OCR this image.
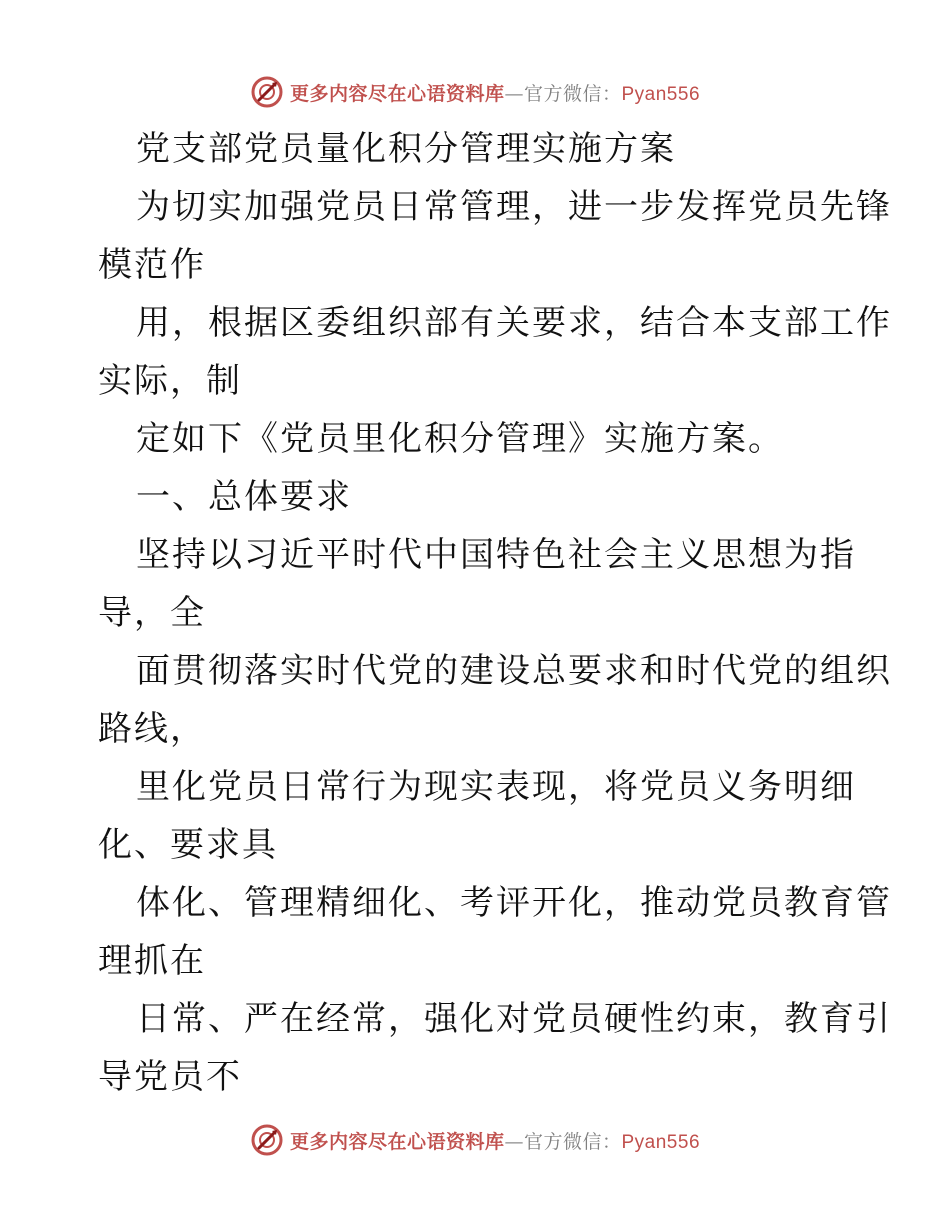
更多内容尽在心语资料库—官方微信：Pyan556
党支部党员量化积分管理实施方案
为切实加强党员日常管理，进一步发挥党员先锋
模范作
用，根据区委组织部有关要求，结合本支部工作
实际，制
定如下《党员里化积分管理》实施方案。
一、总体要求
坚持以习近平时代中国特色社会主义思想为指
导，全
面贯彻落实时代党的建设总要求和时代党的组织
路线，
里化党员日常行为现实表现，将党员义务明细
化、要求具
体化、管理精细化、考评开化，推动党员教育管
理抓在
日常、严在经常，强化对党员硬性约束，教育引
导党员不
更多内容尽在心语资料库—官方微信：Pyan556
